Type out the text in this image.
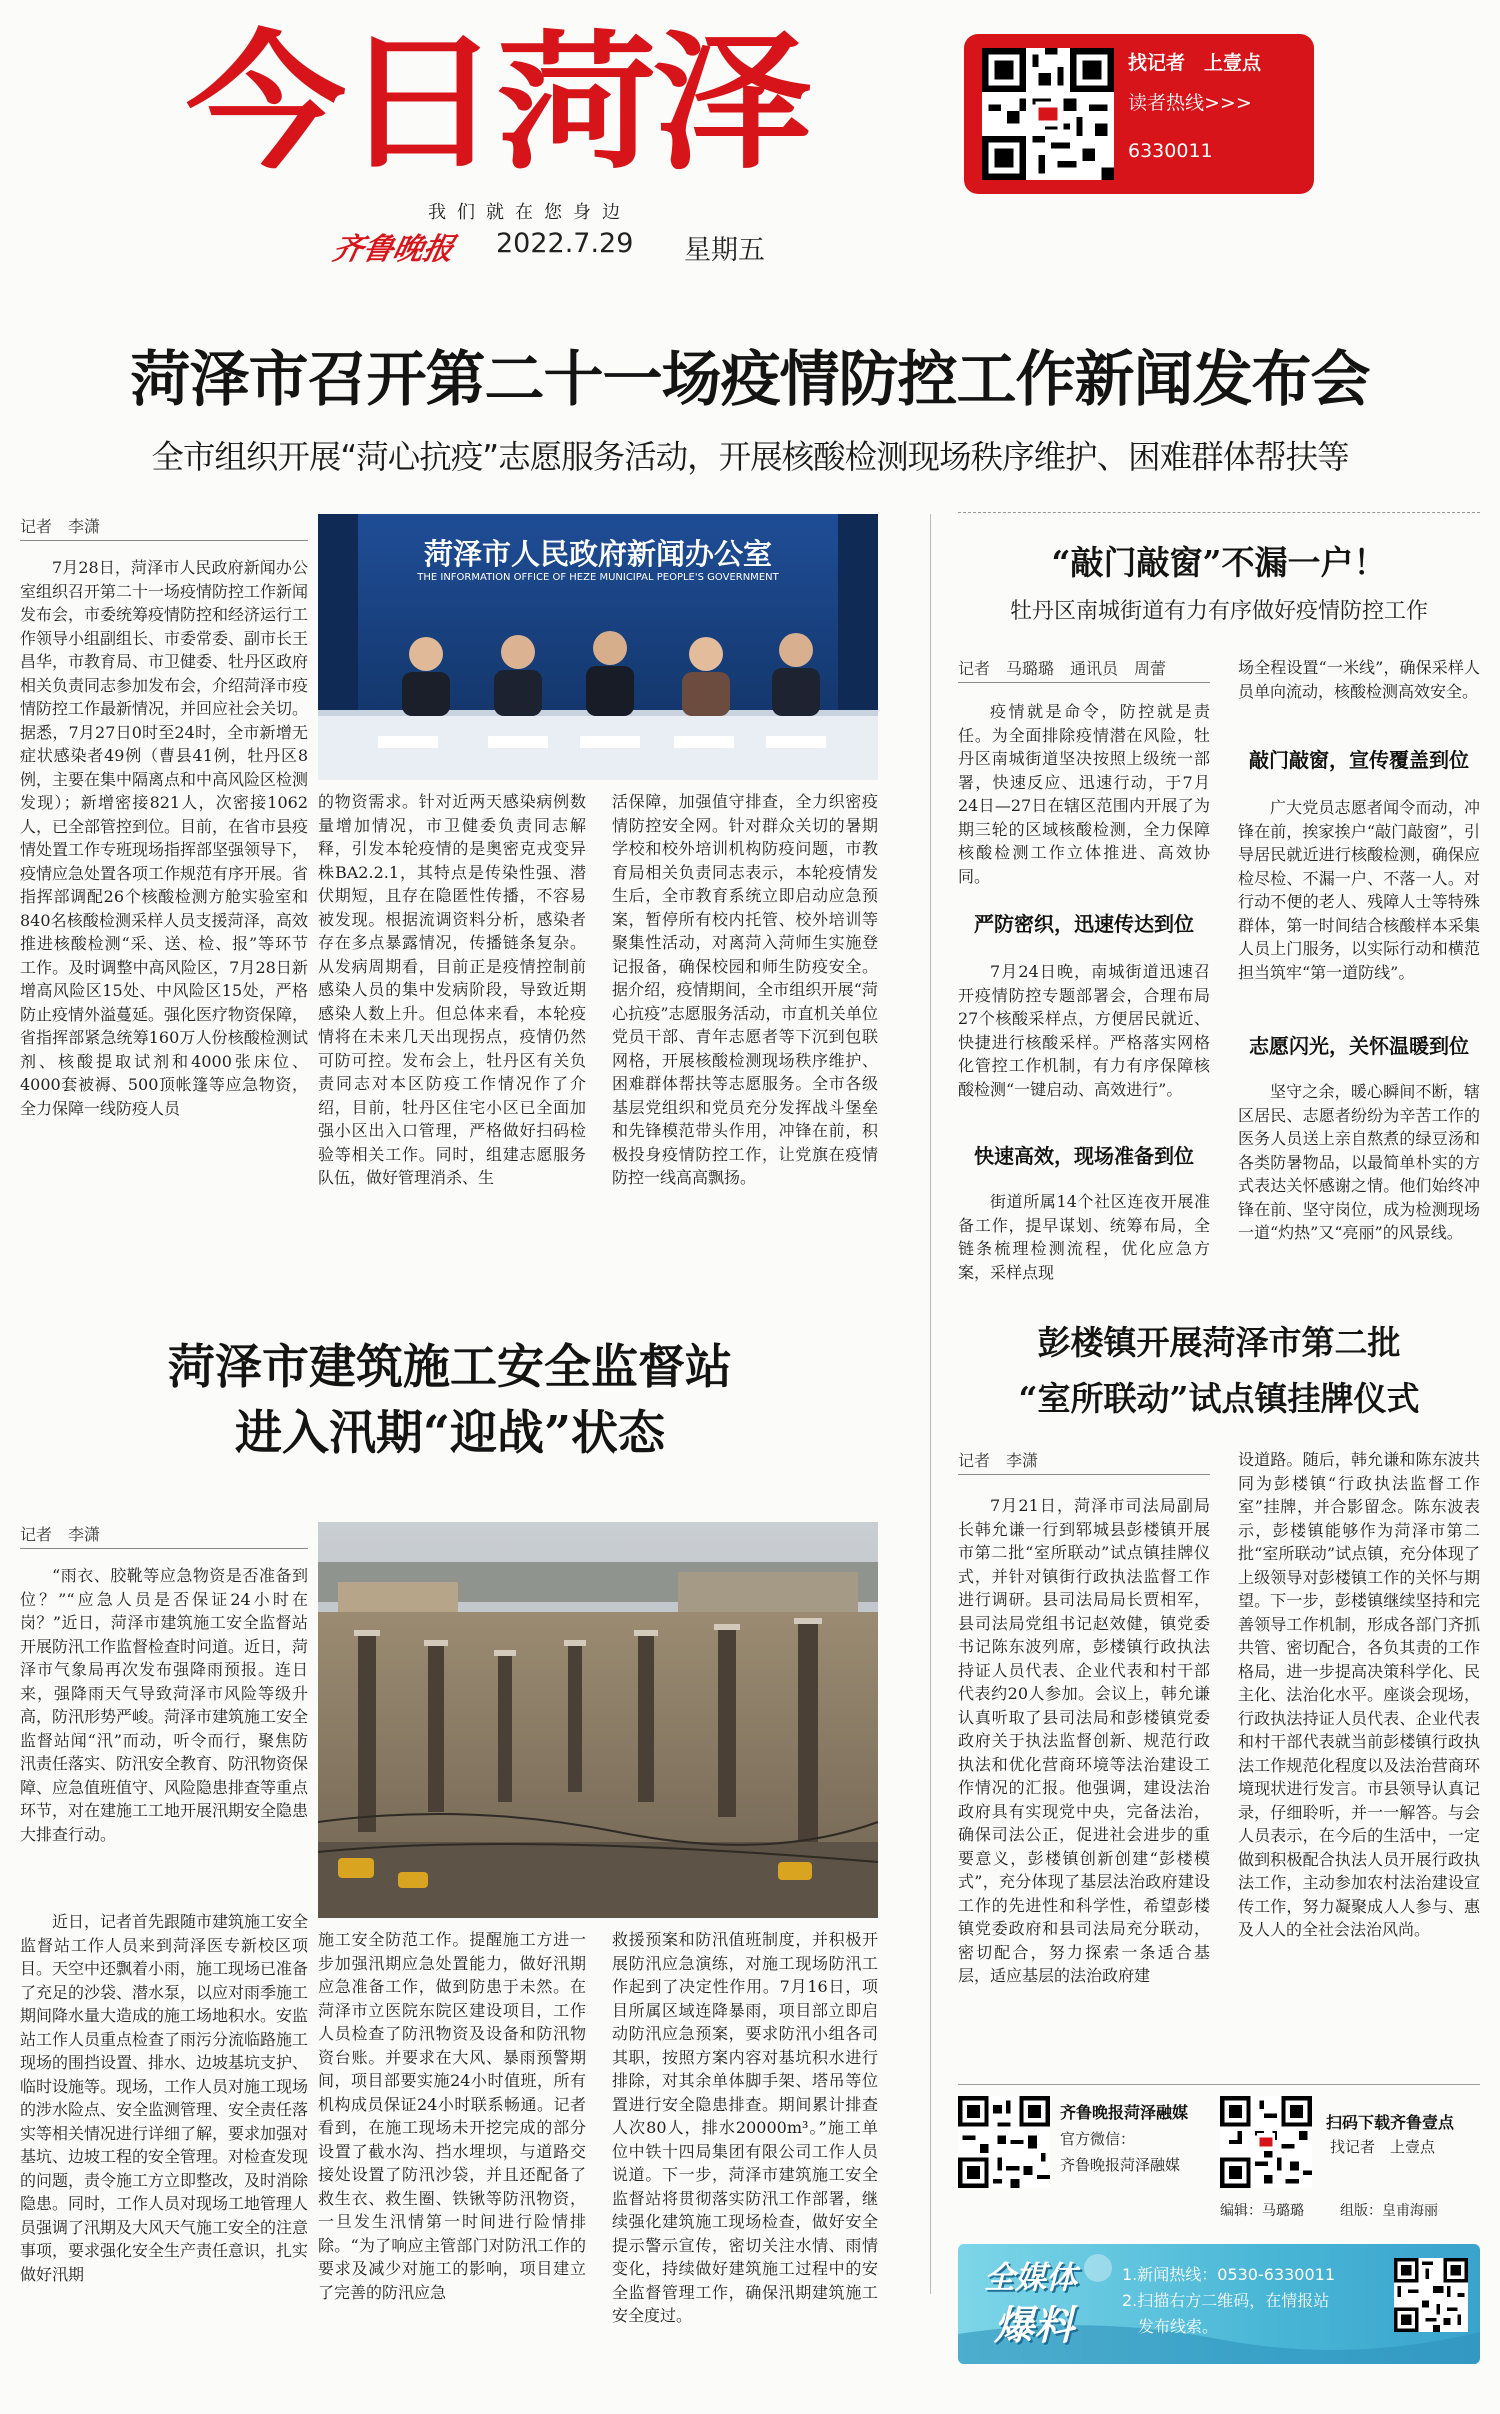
今日菏泽
我们就在您身边
齐鲁晚报	2022.7.29	星期五
找记者　上壹点
读者热线>>>
6330011
菏泽市召开第二十一场疫情防控工作新闻发布会
全市组织开展“菏心抗疫”志愿服务活动，开展核酸检测现场秩序维护、困难群体帮扶等
记者　李潇
菏泽市人民政府新闻办公室
THE INFORMATION OFFICE OF HEZE MUNICIPAL PEOPLE'S GOVERNMENT
7月28日，菏泽市人民政府新闻办公室组织召开第二十一场疫情防控工作新闻发布会，市委统筹疫情防控和经济运行工作领导小组副组长、市委常委、副市长王昌华，市教育局、市卫健委、牡丹区政府相关负责同志参加发布会，介绍菏泽市疫情防控工作最新情况，并回应社会关切。据悉，7月27日0时至24时，全市新增无症状感染者49例（曹县41例，牡丹区8例，主要在集中隔离点和中高风险区检测发现）；新增密接821人，次密接1062人，已全部管控到位。目前，在省市县疫情处置工作专班现场指挥部坚强领导下，疫情应急处置各项工作规范有序开展。省指挥部调配26个核酸检测方舱实验室和840名核酸检测采样人员支援菏泽，高效推进核酸检测“采、送、检、报”等环节工作。及时调整中高风险区，7月28日新增高风险区15处、中风险区15处，严格防止疫情外溢蔓延。强化医疗物资保障，省指挥部紧急统筹160万人份核酸检测试剂、核酸提取试剂和4000张床位、4000套被褥、500顶帐篷等应急物资，全力保障一线防疫人员
的物资需求。针对近两天感染病例数量增加情况，市卫健委负责同志解释，引发本轮疫情的是奥密克戎变异株BA2.2.1，其特点是传染性强、潜伏期短，且存在隐匿性传播，不容易被发现。根据流调资料分析，感染者存在多点暴露情况，传播链条复杂。从发病周期看，目前正是疫情控制前感染人员的集中发病阶段，导致近期感染人数上升。但总体来看，本轮疫情将在未来几天出现拐点，疫情仍然可防可控。发布会上，牡丹区有关负责同志对本区防疫工作情况作了介绍，目前，牡丹区住宅小区已全面加强小区出入口管理，严格做好扫码检验等相关工作。同时，组建志愿服务队伍，做好管理消杀、生
活保障，加强值守排查，全力织密疫情防控安全网。针对群众关切的暑期学校和校外培训机构防疫问题，市教育局相关负责同志表示，本轮疫情发生后，全市教育系统立即启动应急预案，暂停所有校内托管、校外培训等聚集性活动，对离菏入菏师生实施登记报备，确保校园和师生防疫安全。据介绍，疫情期间，全市组织开展“菏心抗疫”志愿服务活动，市直机关单位党员干部、青年志愿者等下沉到包联网格，开展核酸检测现场秩序维护、困难群体帮扶等志愿服务。全市各级基层党组织和党员充分发挥战斗堡垒和先锋模范带头作用，冲锋在前，积极投身疫情防控工作，让党旗在疫情防控一线高高飘扬。
“敲门敲窗”不漏一户！
牡丹区南城街道有力有序做好疫情防控工作
记者　马璐璐　通讯员　周蕾
疫情就是命令，防控就是责任。为全面排除疫情潜在风险，牡丹区南城街道坚决按照上级统一部署，快速反应、迅速行动，于7月24日—27日在辖区范围内开展了为期三轮的区域核酸检测，全力保障核酸检测工作立体推进、高效协同。
严防密织，迅速传达到位
7月24日晚，南城街道迅速召开疫情防控专题部署会，合理布局27个核酸采样点，方便居民就近、快捷进行核酸采样。严格落实网格化管控工作机制，有力有序保障核酸检测“一键启动、高效进行”。
快速高效，现场准备到位
街道所属14个社区连夜开展准备工作，提早谋划、统筹布局，全链条梳理检测流程，优化应急方案，采样点现
场全程设置“一米线”，确保采样人员单向流动，核酸检测高效安全。
敲门敲窗，宣传覆盖到位
广大党员志愿者闻令而动，冲锋在前，挨家挨户“敲门敲窗”，引导居民就近进行核酸检测，确保应检尽检、不漏一户、不落一人。对行动不便的老人、残障人士等特殊群体，第一时间结合核酸样本采集人员上门服务，以实际行动和横范担当筑牢“第一道防线”。
志愿闪光，关怀温暖到位
坚守之余，暖心瞬间不断，辖区居民、志愿者纷纷为辛苦工作的医务人员送上亲自熬煮的绿豆汤和各类防暑物品，以最简单朴实的方式表达关怀感谢之情。他们始终冲锋在前、坚守岗位，成为检测现场一道“灼热”又“亮丽”的风景线。
菏泽市建筑施工安全监督站
进入汛期“迎战”状态
记者　李潇
“雨衣、胶靴等应急物资是否准备到位？”“应急人员是否保证24小时在岗？”近日，菏泽市建筑施工安全监督站开展防汛工作监督检查时问道。近日，菏泽市气象局再次发布强降雨预报。连日来，强降雨天气导致菏泽市风险等级升高，防汛形势严峻。菏泽市建筑施工安全监督站闻“汛”而动，听令而行，聚焦防汛责任落实、防汛安全教育、防汛物资保障、应急值班值守、风险隐患排查等重点环节，对在建施工工地开展汛期安全隐患大排查行动。
近日，记者首先跟随市建筑施工安全监督站工作人员来到菏泽医专新校区项目。天空中还飘着小雨，施工现场已准备了充足的沙袋、潜水泵，以应对雨季施工期间降水量大造成的施工场地积水。安监站工作人员重点检查了雨污分流临路施工现场的围挡设置、排水、边坡基坑支护、临时设施等。现场，工作人员对施工现场的涉水险点、安全监测管理、安全责任落实等相关情况进行详细了解，要求加强对基坑、边坡工程的安全管理。对检查发现的问题，责令施工方立即整改，及时消除隐患。同时，工作人员对现场工地管理人员强调了汛期及大风天气施工安全的注意事项，要求强化安全生产责任意识，扎实做好汛期
施工安全防范工作。提醒施工方进一步加强汛期应急处置能力，做好汛期应急准备工作，做到防患于未然。在菏泽市立医院东院区建设项目，工作人员检查了防汛物资及设备和防汛物资台账。并要求在大风、暴雨预警期间，项目部要实施24小时值班，所有机构成员保证24小时联系畅通。记者看到，在施工现场未开挖完成的部分设置了截水沟、挡水埋坝，与道路交接处设置了防汛沙袋，并且还配备了救生衣、救生圈、铁锹等防汛物资，一旦发生汛情第一时间进行险情排除。“为了响应主管部门对防汛工作的要求及减少对施工的影响，项目建立了完善的防汛应急
救援预案和防汛值班制度，并积极开展防汛应急演练，对施工现场防汛工作起到了决定性作用。7月16日，项目所属区域连降暴雨，项目部立即启动防汛应急预案，要求防汛小组各司其职，按照方案内容对基坑积水进行排除，对其余单体脚手架、塔吊等位置进行安全隐患排查。期间累计排查人次80人，排水20000m³。”施工单位中铁十四局集团有限公司工作人员说道。下一步，菏泽市建筑施工安全监督站将贯彻落实防汛工作部署，继续强化建筑施工现场检查，做好安全提示警示宣传，密切关注水情、雨情变化，持续做好建筑施工过程中的安全监督管理工作，确保汛期建筑施工安全度过。
彭楼镇开展菏泽市第二批
“室所联动”试点镇挂牌仪式
记者　李潇
7月21日，菏泽市司法局副局长韩允谦一行到郓城县彭楼镇开展市第二批“室所联动”试点镇挂牌仪式，并针对镇街行政执法监督工作进行调研。县司法局局长贾相军，县司法局党组书记赵效健，镇党委书记陈东波列席，彭楼镇行政执法持证人员代表、企业代表和村干部代表约20人参加。会议上，韩允谦认真听取了县司法局和彭楼镇党委政府关于执法监督创新、规范行政执法和优化营商环境等法治建设工作情况的汇报。他强调，建设法治政府具有实现党中央，完备法治，确保司法公正，促进社会进步的重要意义，彭楼镇创新创建“彭楼模式”，充分体现了基层法治政府建设工作的先进性和科学性，希望彭楼镇党委政府和县司法局充分联动，密切配合，努力探索一条适合基层，适应基层的法治政府建
设道路。随后，韩允谦和陈东波共同为彭楼镇“行政执法监督工作室”挂牌，并合影留念。陈东波表示，彭楼镇能够作为菏泽市第二批“室所联动”试点镇，充分体现了上级领导对彭楼镇工作的关怀与期望。下一步，彭楼镇继续坚持和完善领导工作机制，形成各部门齐抓共管、密切配合，各负其责的工作格局，进一步提高决策科学化、民主化、法治化水平。座谈会现场，行政执法持证人员代表、企业代表和村干部代表就当前彭楼镇行政执法工作规范化程度以及法治营商环境现状进行发言。市县领导认真记录，仔细聆听，并一一解答。与会人员表示，在今后的生活中，一定做到积极配合执法人员开展行政执法工作，主动参加农村法治建设宣传工作，努力凝聚成人人参与、惠及人人的全社会法治风尚。
齐鲁晚报菏泽融媒
官方微信：
齐鲁晚报菏泽融媒
扫码下载齐鲁壹点
找记者　上壹点
编辑：马璐璐	组版：皇甫海丽
全媒体
爆料
1.新闻热线：0530-6330011
2.扫描右方二维码，在情报站
发布线索。
